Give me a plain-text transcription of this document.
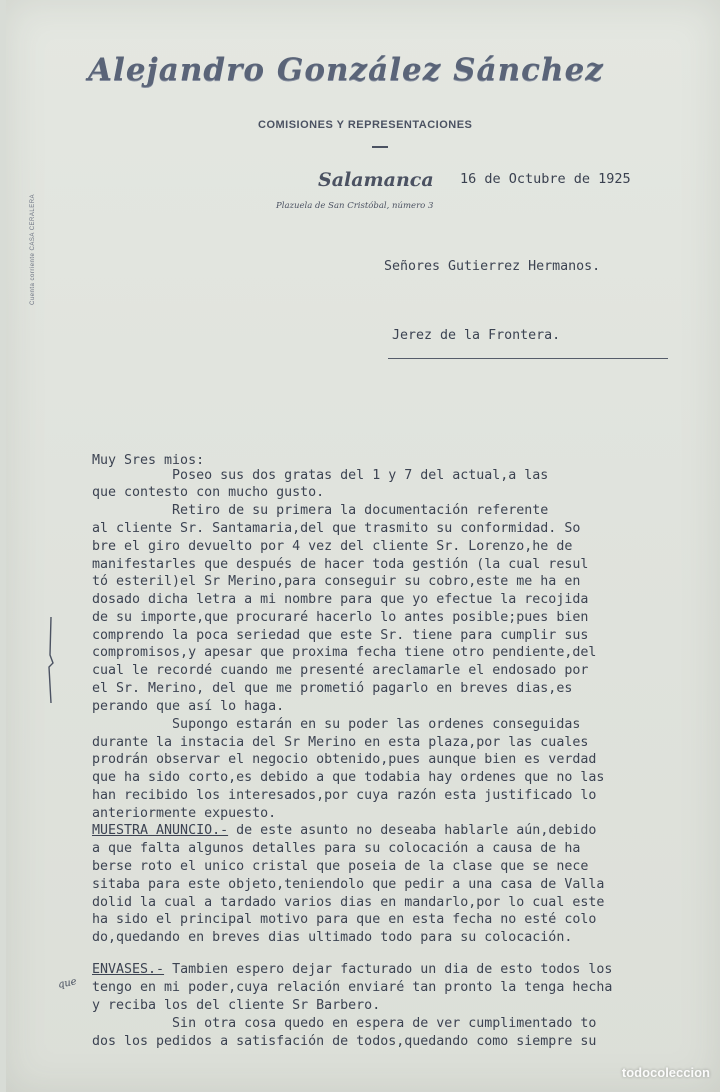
Alejandro González Sánchez
COMISIONES Y REPRESENTACIONES
Salamanca 16 de Octubre de 1925
Plazuela de San Cristóbal, número 3
Cuenta corriente CASA CERALERA	Señores Gutierrez Hermanos.
Jerez de la Frontera.
Muy Sres mios:
Poseo sus dos gratas del 1 y 7 del actual,a las
que contesto con mucho gusto.
Retiro de su primera la documentación referente
al cliente Sr. Santamaria,del que trasmito su conformidad. So
bre el giro devuelto por 4 vez del cliente Sr. Lorenzo,he de
manifestarles que después de hacer toda gestión (la cual resul
tó esteril)el Sr Merino,para conseguir su cobro,este me ha en
dosado dicha letra a mi nombre para que yo efectue la recojida
de su importe,que procuraré hacerlo lo antes posible;pues bien
comprendo la poca seriedad que este Sr. tiene para cumplir sus
compromisos,y apesar que proxima fecha tiene otro pendiente,del
cual le recordé cuando me presenté areclamarle el endosado por
el Sr. Merino, del que me prometió pagarlo en breves dias,es
perando que así lo haga.
Supongo estarán en su poder las ordenes conseguidas
durante la instacia del Sr Merino en esta plaza,por las cuales
prodrán observar el negocio obtenido,pues aunque bien es verdad
que ha sido corto,es debido a que todabia hay ordenes que no las
han recibido los interesados,por cuya razón esta justificado lo
anteriormente expuesto.
MUESTRA ANUNCIO.- de este asunto no deseaba hablarle aún,debido
a que falta algunos detalles para su colocación a causa de ha
berse roto el unico cristal que poseia de la clase que se nece
sitaba para este objeto,teniendolo que pedir a una casa de Valla
dolid la cual a tardado varios dias en mandarlo,por lo cual este
ha sido el principal motivo para que en esta fecha no esté colo
do,quedando en breves dias ultimado todo para su colocación.
ENVASES.- Tambien espero dejar facturado un dia de esto todos los
tengo en mi poder,cuya relación enviaré tan pronto la tenga hecha
y reciba los del cliente Sr Barbero.
Sin otra cosa quedo en espera de ver cumplimentado to
dos los pedidos a satisfación de todos,quedando como siempre su
que
todocoleccion
